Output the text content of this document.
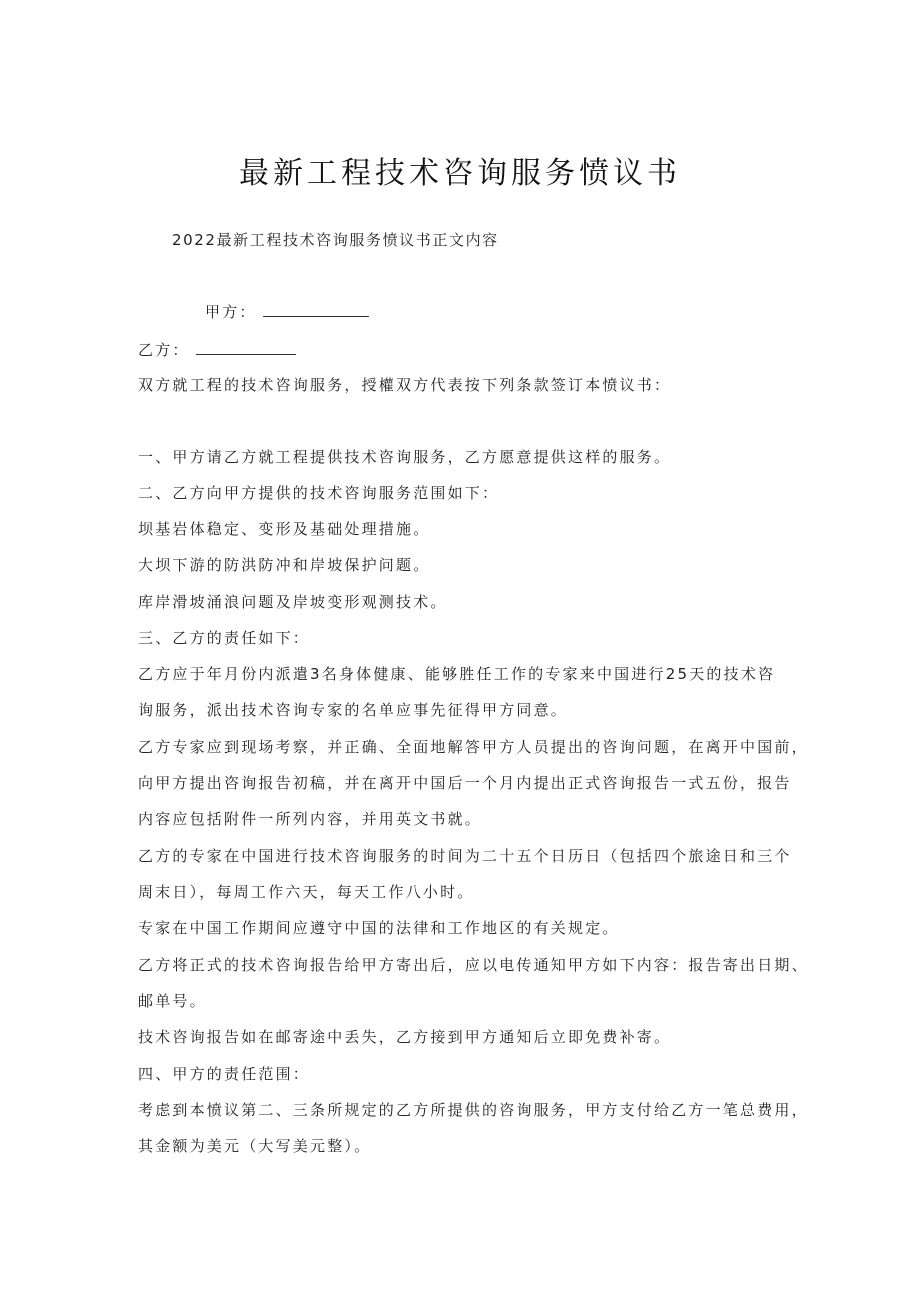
最新工程技术咨询服务愤议书
2022最新工程技术咨询服务愤议书正文内容
甲方：
乙方：
双方就工程的技术咨询服务，授權双方代表按下列条款签订本愤议书：
一、甲方请乙方就工程提供技术咨询服务，乙方愿意提供这样的服务。
二、乙方向甲方提供的技术咨询服务范围如下：
坝基岩体稳定、变形及基础处理措施。
大坝下游的防洪防冲和岸坡保护问题。
库岸滑坡涌浪问题及岸坡变形观测技术。
三、乙方的责任如下：
乙方应于年月份内派遣3名身体健康、能够胜任工作的专家来中国进行25天的技术咨
询服务，派出技术咨询专家的名单应事先征得甲方同意。
乙方专家应到现场考察，并正确、全面地解答甲方人员提出的咨询问题，在离开中国前，
向甲方提出咨询报告初稿，并在离开中国后一个月内提出正式咨询报告一式五份，报告
内容应包括附件一所列内容，并用英文书就。
乙方的专家在中国进行技术咨询服务的时间为二十五个日历日（包括四个旅途日和三个
周末日），每周工作六天，每天工作八小时。
专家在中国工作期间应遵守中国的法律和工作地区的有关规定。
乙方将正式的技术咨询报告给甲方寄出后，应以电传通知甲方如下内容：报告寄出日期、
邮单号。
技术咨询报告如在邮寄途中丢失，乙方接到甲方通知后立即免费补寄。
四、甲方的责任范围：
考虑到本愤议第二、三条所规定的乙方所提供的咨询服务，甲方支付给乙方一笔总费用，
其金额为美元（大写美元整）。
